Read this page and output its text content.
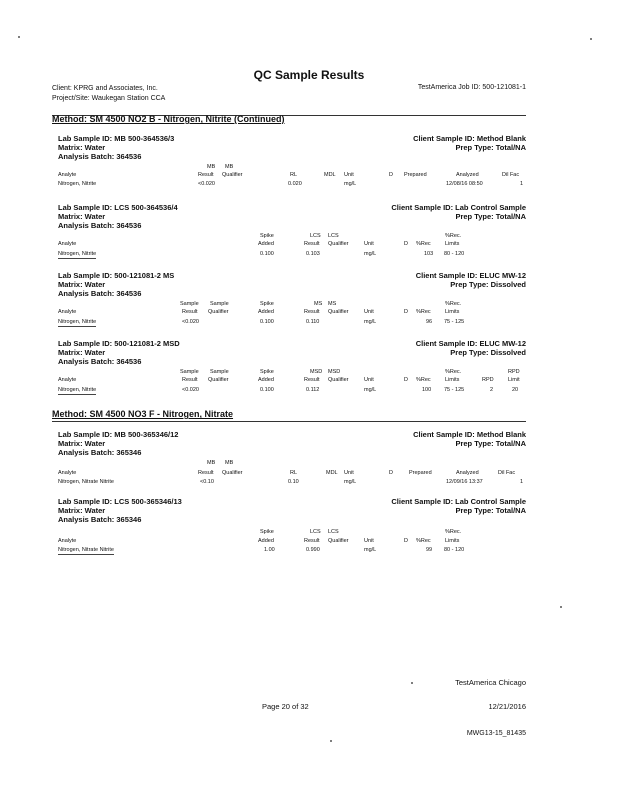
QC Sample Results
Client: KPRG and Associates, Inc.
Project/Site: Waukegan Station CCA
TestAmerica Job ID: 500-121081-1
Method: SM 4500 NO2 B - Nitrogen, Nitrite (Continued)
Lab Sample ID: MB 500-364536/3
Matrix: Water
Analysis Batch: 364536
Client Sample ID: Method Blank
Prep Type: Total/NA
MB MB
Analyte	Result Qualifier	RL	MDL Unit	D Prepared	Analyzed	Dil Fac
Nitrogen, Nitrite	<0.020	0.020	mg/L	12/08/16 08:50	1
Lab Sample ID: LCS 500-364536/4
Matrix: Water
Analysis Batch: 364536
Client Sample ID: Lab Control Sample
Prep Type: Total/NA
Spike	LCS LCS	%Rec.
Analyte	Added	Result Qualifier	Unit	D %Rec	Limits
Nitrogen, Nitrite	0.100	0.103	mg/L	103 80 - 120
Lab Sample ID: 500-121081-2 MS
Matrix: Water
Analysis Batch: 364536
Client Sample ID: ELUC MW-12
Prep Type: Dissolved
Sample Sample	Spike	MS MS	%Rec.
Analyte	Result Qualifier	Added	Result Qualifier	Unit	D %Rec	Limits
Nitrogen, Nitrite	<0.020	0.100	0.110	mg/L	96 75 - 125
Lab Sample ID: 500-121081-2 MSD
Matrix: Water
Analysis Batch: 364536
Client Sample ID: ELUC MW-12
Prep Type: Dissolved
Sample Sample	Spike	MSD MSD	%Rec.	RPD
Analyte	Result Qualifier	Added	Result Qualifier	Unit	D %Rec	Limits	RPD	Limit
Nitrogen, Nitrite	<0.020	0.100	0.112	mg/L	100 75 - 125	2	20
Method: SM 4500 NO3 F - Nitrogen, Nitrate
Lab Sample ID: MB 500-365346/12
Matrix: Water
Analysis Batch: 365346
Client Sample ID: Method Blank
Prep Type: Total/NA
MB MB
Analyte	Result Qualifier	RL	MDL Unit	D	Prepared	Analyzed	Dil Fac
Nitrogen, Nitrate Nitrite	<0.10	0.10	mg/L	12/09/16 13:37	1
Lab Sample ID: LCS 500-365346/13
Matrix: Water
Analysis Batch: 365346
Client Sample ID: Lab Control Sample
Prep Type: Total/NA
Spike	LCS LCS	%Rec.
Analyte	Added	Result Qualifier	Unit	D %Rec	Limits
Nitrogen, Nitrate Nitrite	1.00	0.990	mg/L	99 80 - 120
TestAmerica Chicago
Page 20 of 32	12/21/2016
MWG13-15_81435
